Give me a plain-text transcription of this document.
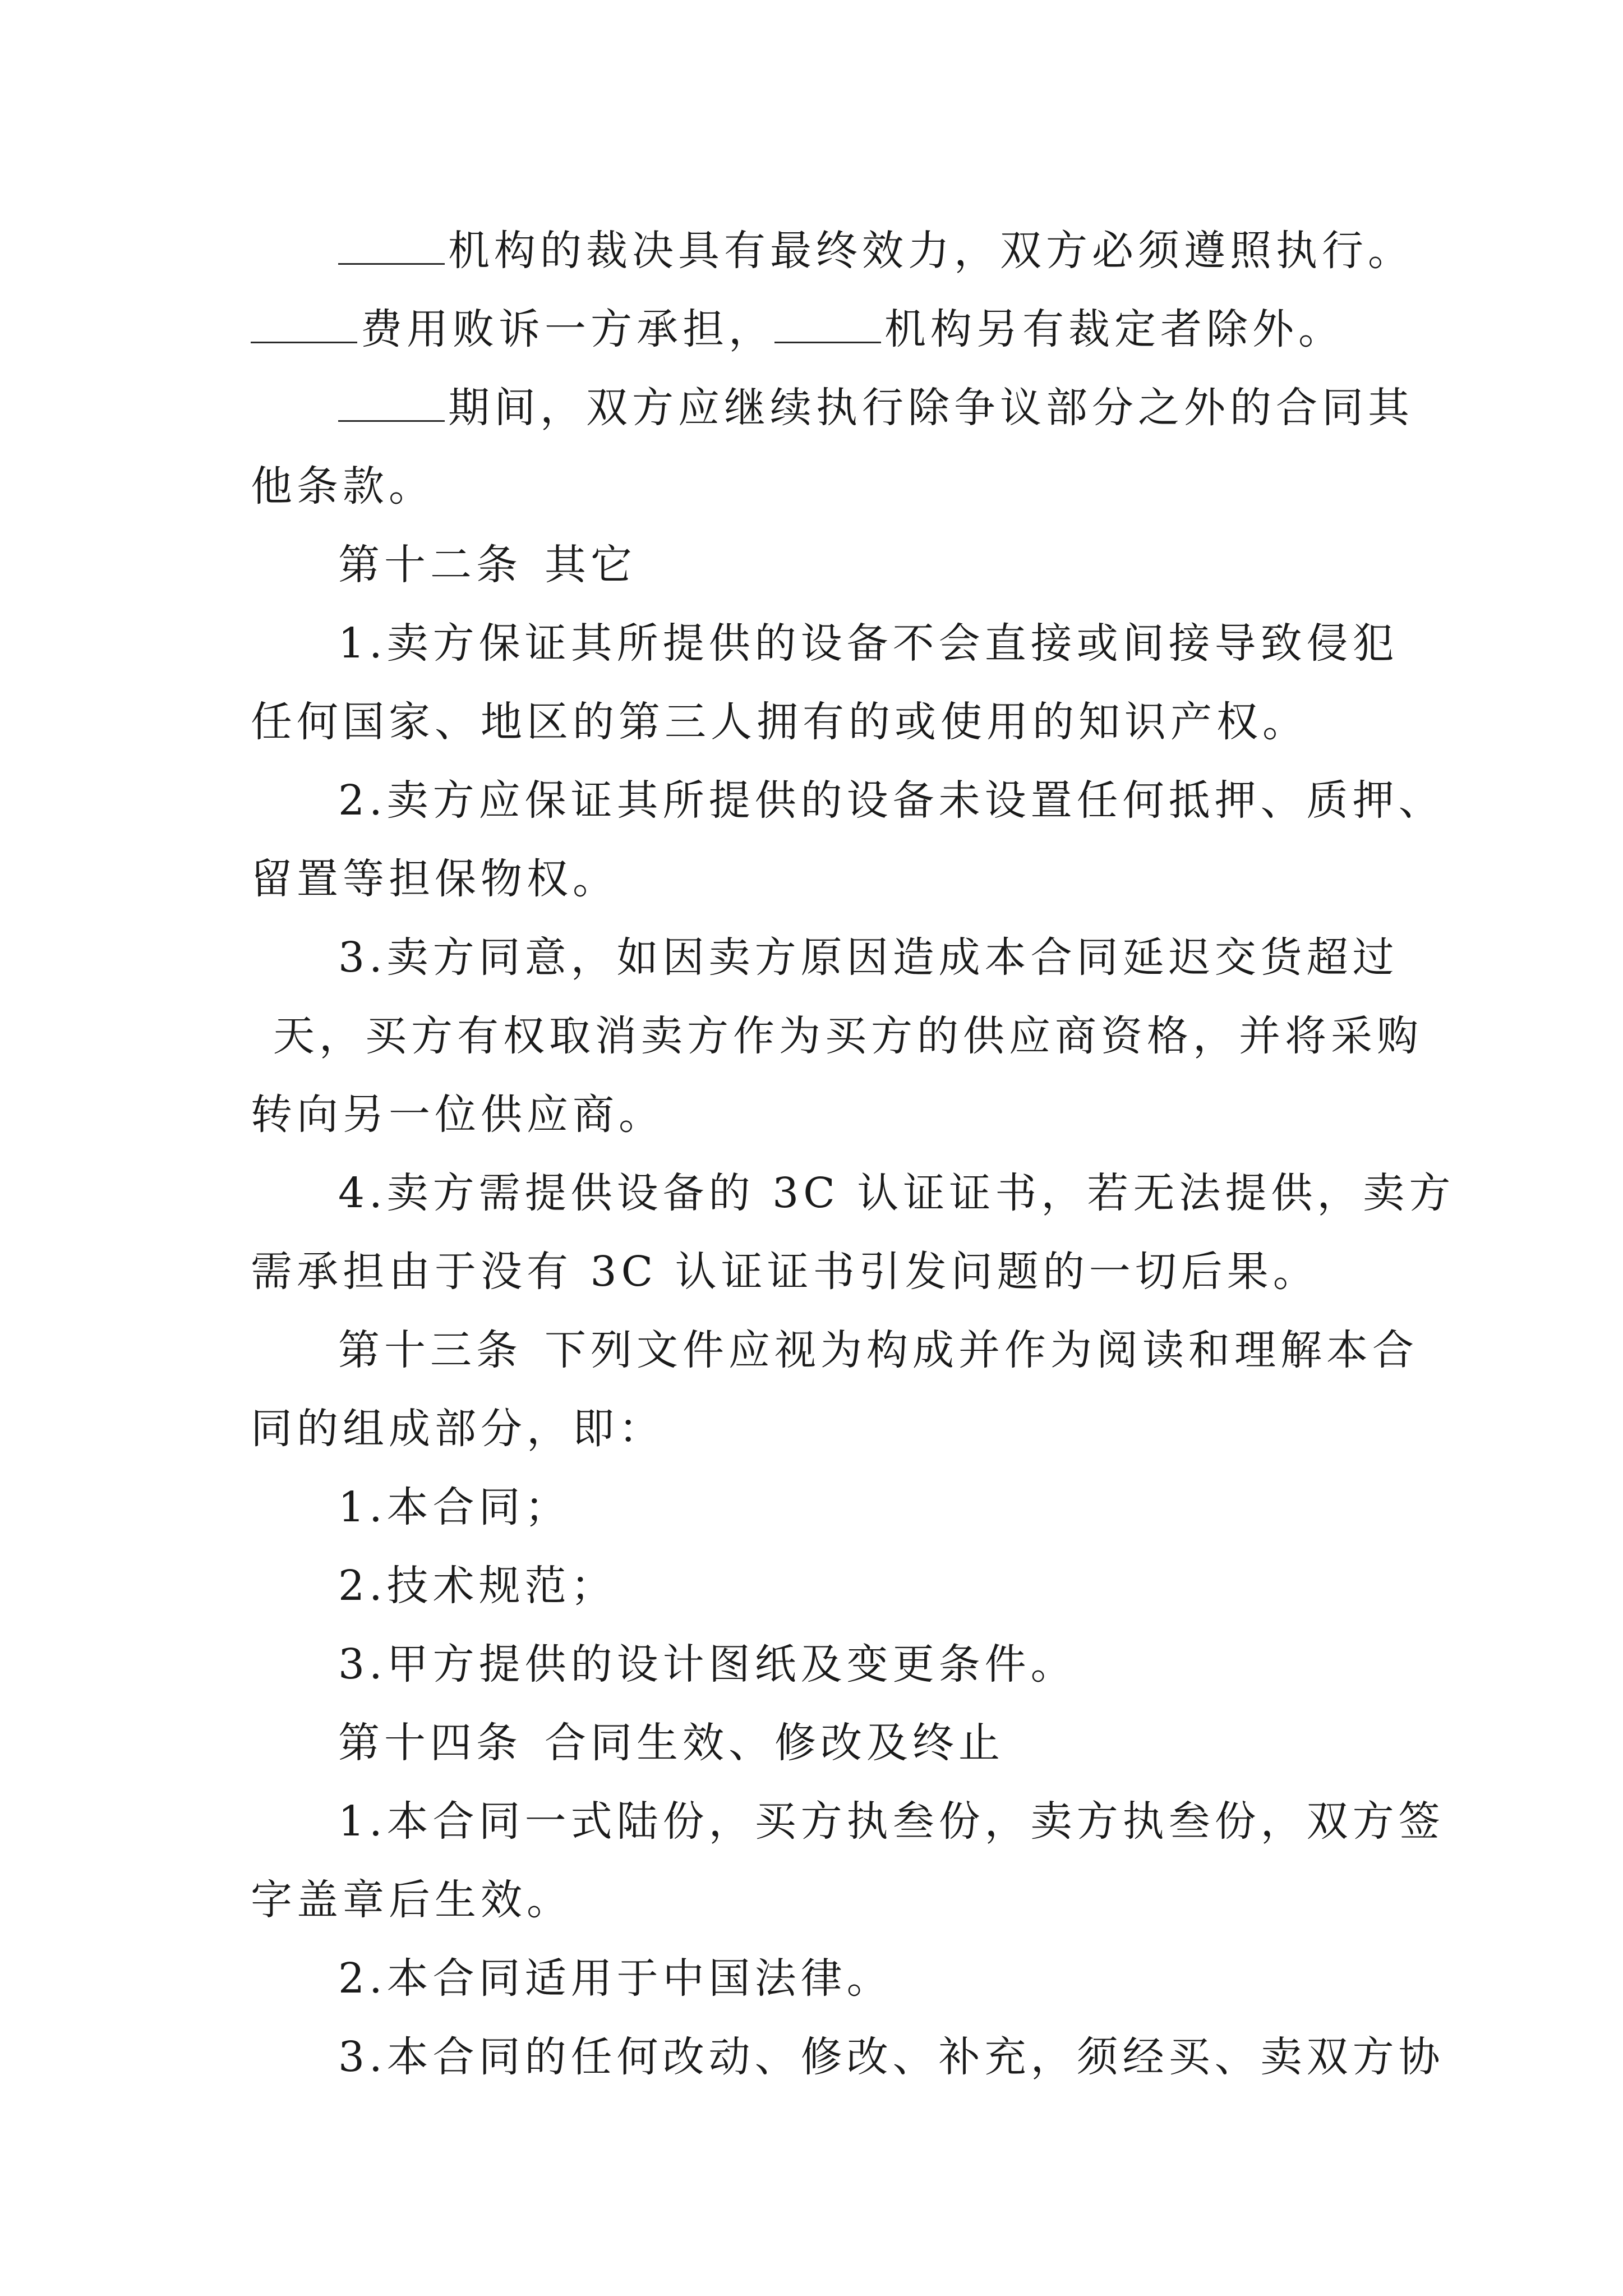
机构的裁决具有最终效力，双方必须遵照执行。

费用败诉一方承担，	机构另有裁定者除外。

期间，双方应继续执行除争议部分之外的合同其

他条款。

第十二条 其它

1.卖方保证其所提供的设备不会直接或间接导致侵犯

任何国家、地区的第三人拥有的或使用的知识产权。

2.卖方应保证其所提供的设备未设置任何抵押、质押、

留置等担保物权。

3.卖方同意，如因卖方原因造成本合同延迟交货超过

天，买方有权取消卖方作为买方的供应商资格，并将采购

转向另一位供应商。

4.卖方需提供设备的 3C 认证证书，若无法提供，卖方

需承担由于没有 3C 认证证书引发问题的一切后果。

第十三条 下列文件应视为构成并作为阅读和理解本合

同的组成部分，即：

1.本合同；

2.技术规范；

3.甲方提供的设计图纸及变更条件。

第十四条 合同生效、修改及终止

1.本合同一式陆份，买方执叁份，卖方执叁份，双方签

字盖章后生效。

2.本合同适用于中国法律。

3.本合同的任何改动、修改、补充，须经买、卖双方协
